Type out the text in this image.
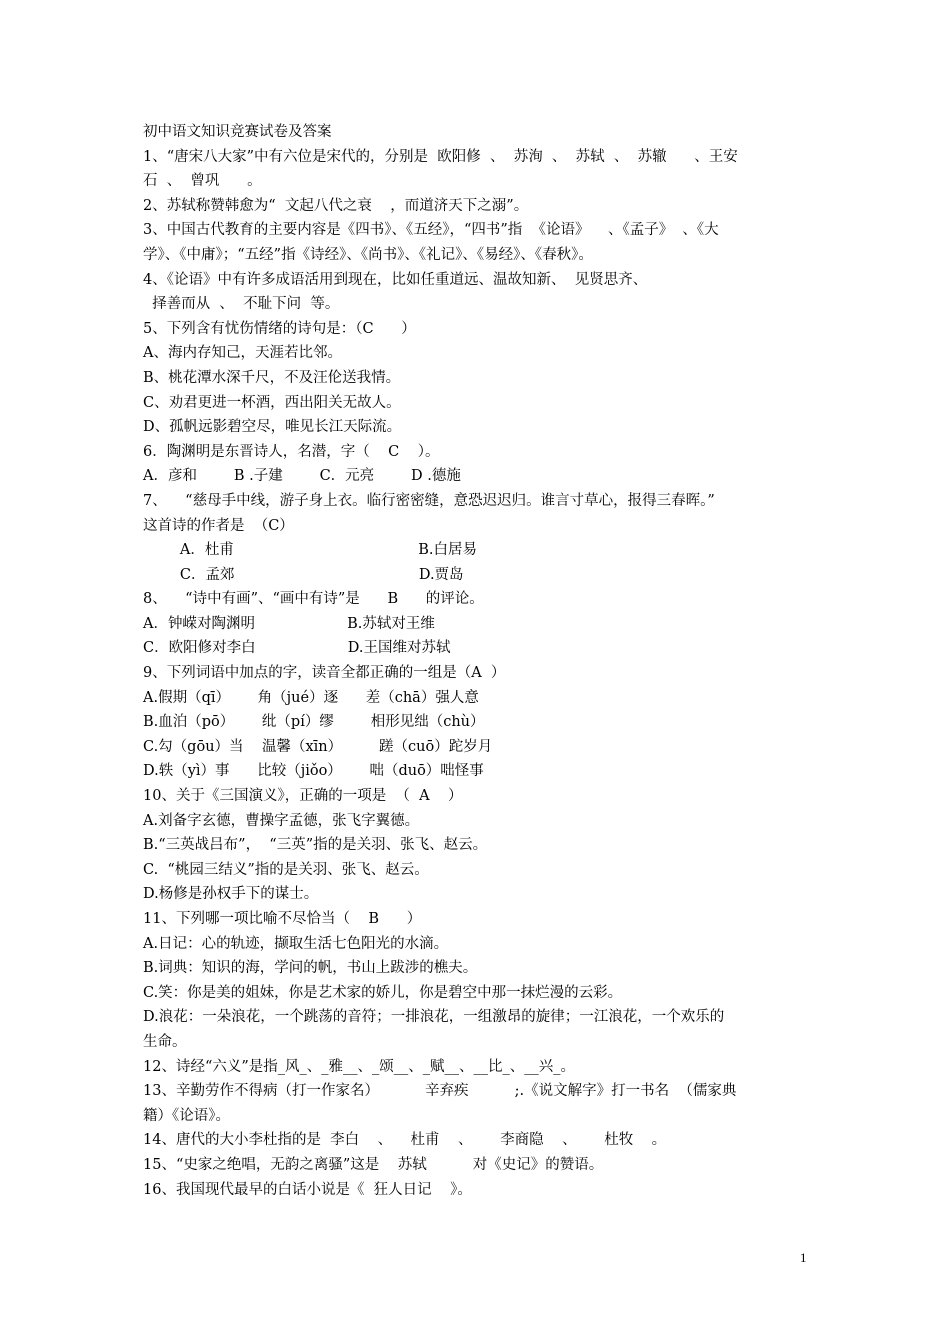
初中语文知识竞赛试卷及答案
1、“唐宋八大家”中有六位是宋代的，分别是  欧阳修  、  苏洵  、  苏轼  、  苏辙      、王安
石  、  曾巩      。
2、苏轼称赞韩愈为“  文起八代之衰    ，而道济天下之溺”。
3、中国古代教育的主要内容是《四书》、《五经》，“四书”指  《论语》    、《孟子》  、《大
学》、《中庸》；“五经”指《诗经》、《尚书》、《礼记》、《易经》、《春秋》。
4、《论语》中有许多成语活用到现在，比如任重道远、温故知新、  见贤思齐、
择善而从  、  不耻下问  等。
5、下列含有忧伤情绪的诗句是：（C      ）
A、海内存知己，天涯若比邻。
B、桃花潭水深千尺，不及汪伦送我情。
C、劝君更进一杯酒，西出阳关无故人。
D、孤帆远影碧空尽，唯见长江天际流。
6．陶渊明是东晋诗人，名潜，字（    C    ）。
A．彦和        B .子建        C．元亮        D .德施
7、    “慈母手中线，游子身上衣。临行密密缝，意恐迟迟归。谁言寸草心，报得三春晖。”
这首诗的作者是  （C）
A．杜甫                                        B.白居易
C．孟郊                                        D.贾岛
8、    “诗中有画”、“画中有诗”是      B      的评论。
A．钟嵘对陶渊明                    B.苏轼对王维
C．欧阳修对李白                    D.王国维对苏轼
9、下列词语中加点的字，读音全都正确的一组是（A  ）
A.假期（qī）      角（jué）逐      差（chā）强人意
B.血泊（pō）      纰（pí）缪        相形见绌（chù）
C.勾（gōu）当    温馨（xīn）        蹉（cuō）跎岁月
D.轶（yì）事      比较（jiǒo）      咄（duō）咄怪事
10、关于《三国演义》，正确的一项是  （  A    ）
A.刘备字玄德，曹操字孟德，张飞字翼德。
B.“三英战吕布”，  “三英”指的是关羽、张飞、赵云。
C.  “桃园三结义”指的是关羽、张飞、赵云。
D.杨修是孙权手下的谋士。
11、下列哪一项比喻不尽恰当（    B      ）
A.日记：心的轨迹，撷取生活七色阳光的水滴。
B.词典：知识的海，学问的帆，书山上跋涉的樵夫。
C.笑：你是美的姐妹，你是艺术家的娇儿，你是碧空中那一抹烂漫的云彩。
D.浪花：一朵浪花，一个跳荡的音符；一排浪花，一组激昂的旋律；一江浪花，一个欢乐的
生命。
12、诗经“六义”是指_风_、_雅__、_颂__、_赋__、__比_、__兴_。
13、辛勤劳作不得病（打一作家名）          辛弃疾          ;.《说文解字》打一书名  （儒家典
籍）《论语》。
14、唐代的大小李杜指的是  李白    、    杜甫    、      李商隐    、      杜牧    。
15、“史家之绝唱，无韵之离骚”这是    苏轼          对《史记》的赞语。
16、我国现代最早的白话小说是《  狂人日记    》。
1
